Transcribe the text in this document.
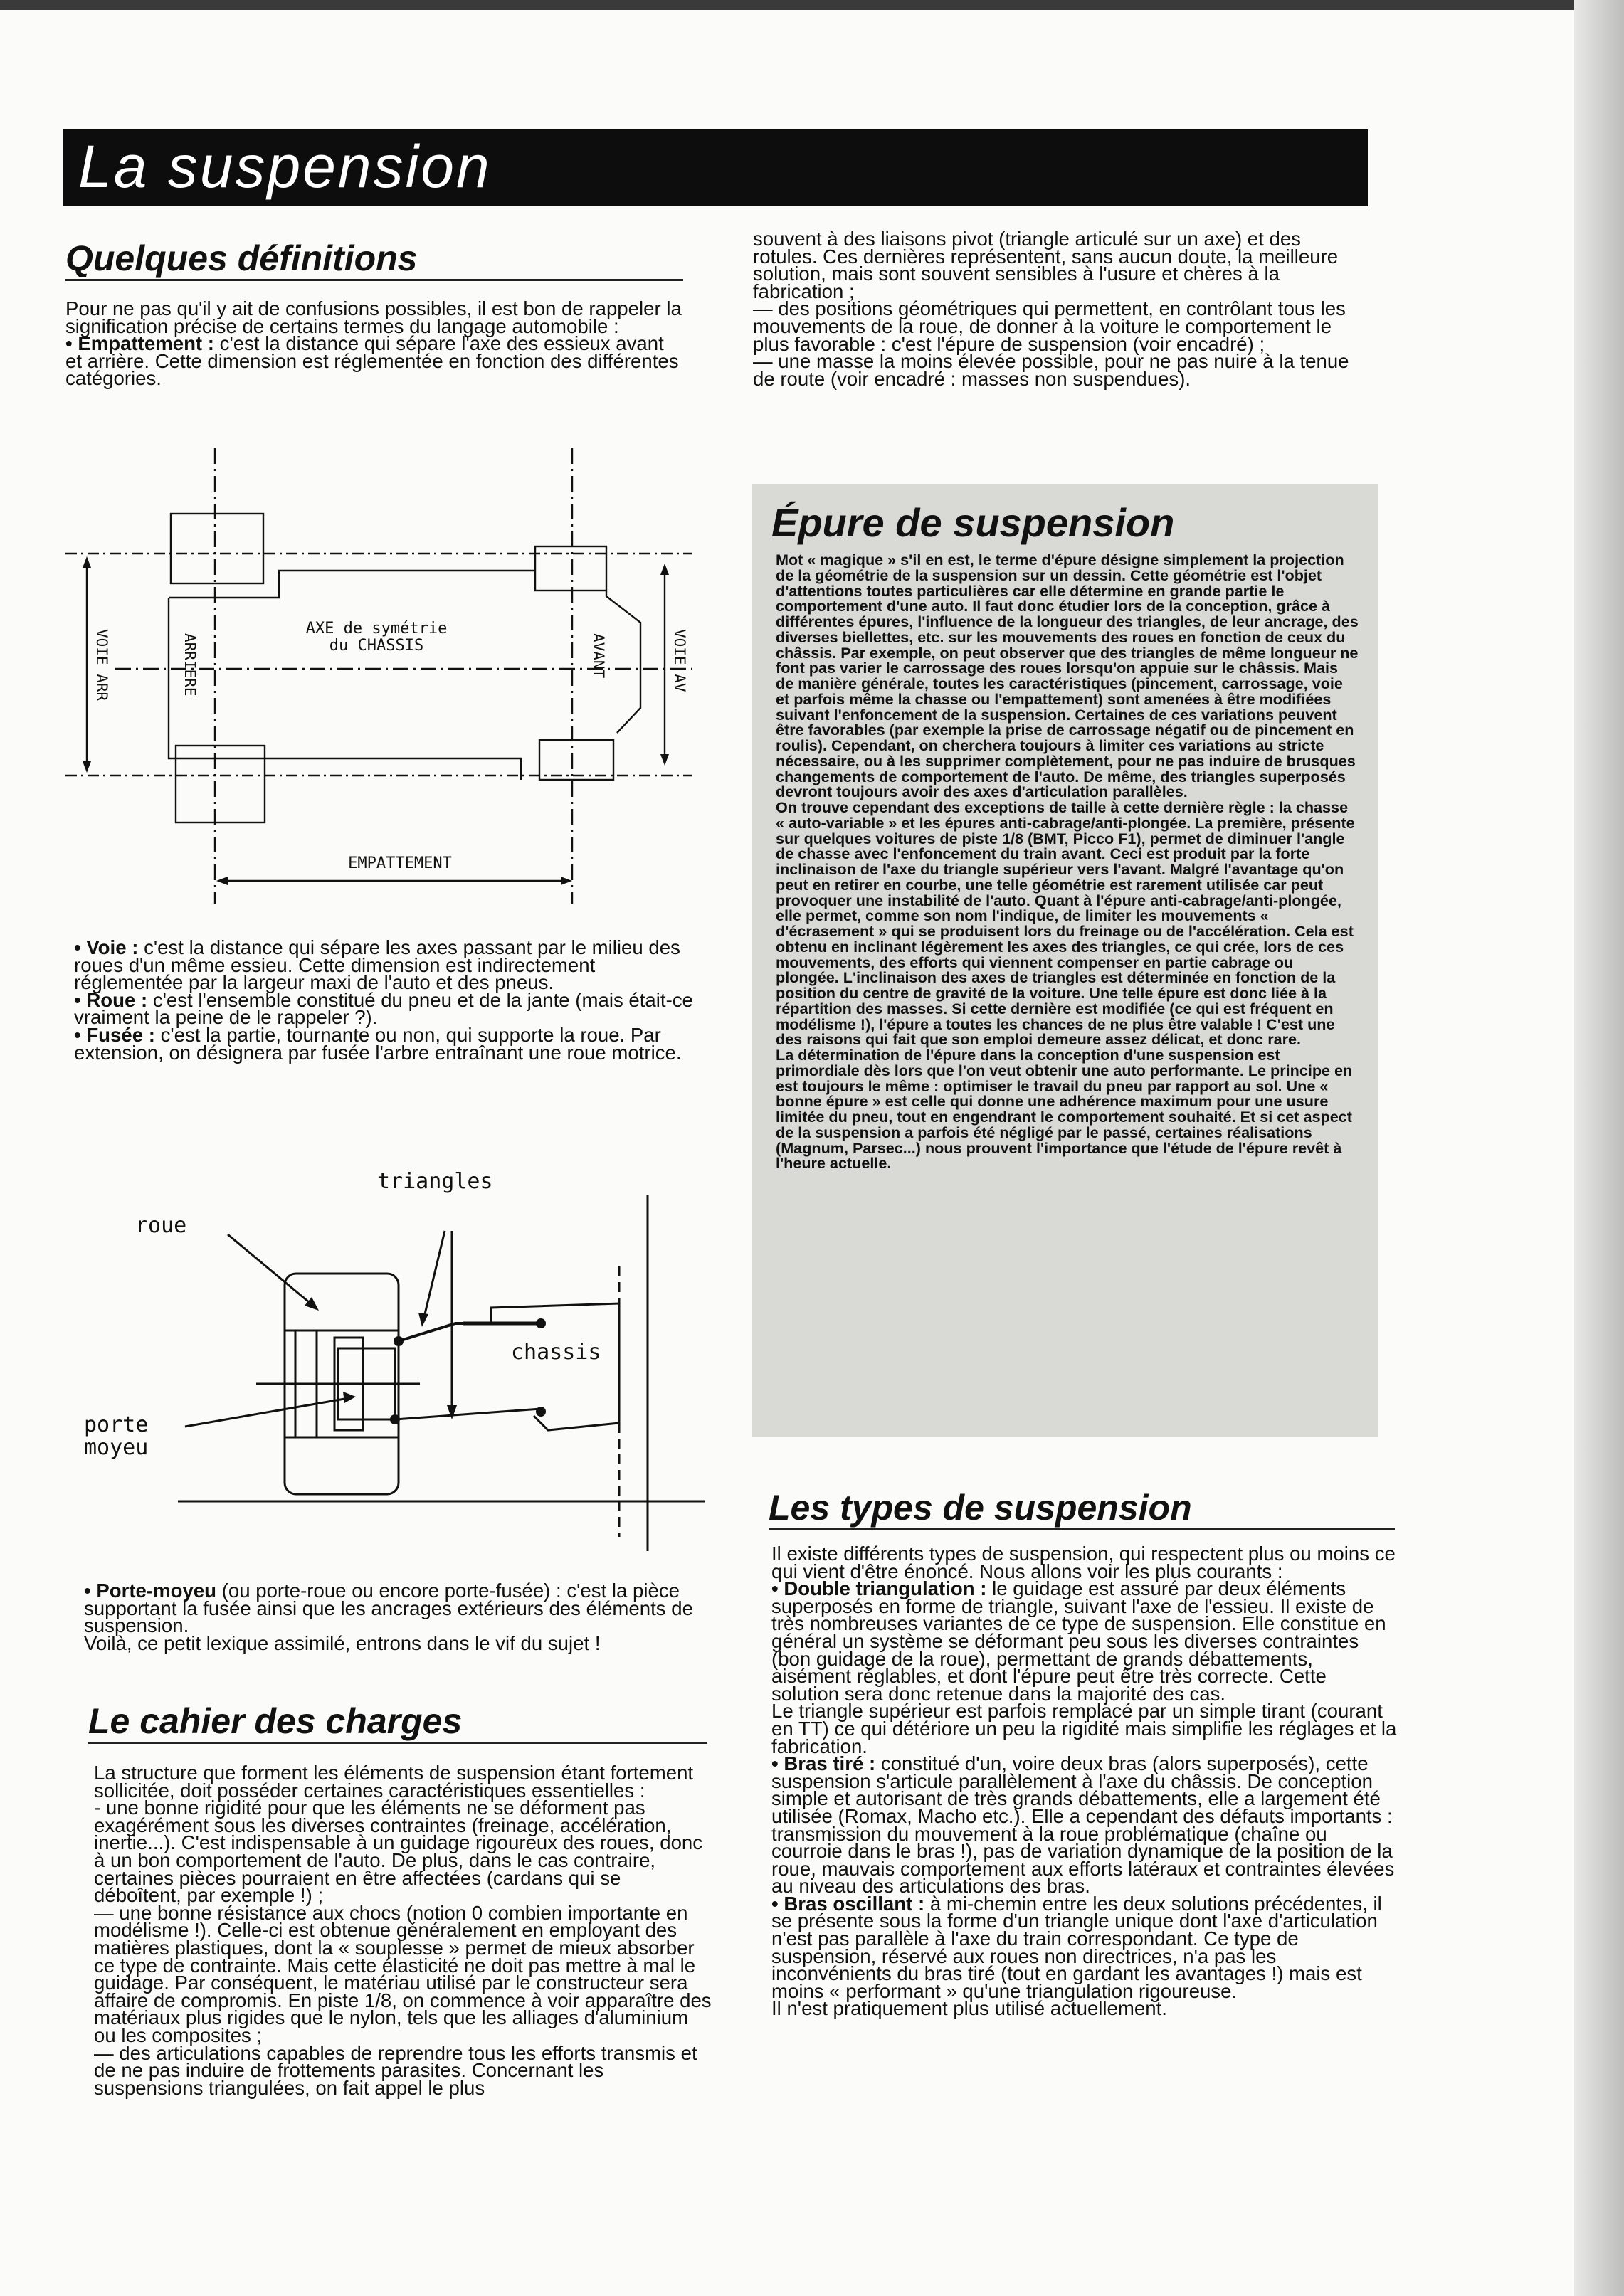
La suspension
Quelques définitions

Pour ne pas qu'il y ait de confusions possibles, il est bon de rappeler la signification précise de certains termes du langage automobile :

• Empattement : c'est la distance qui sépare l'axe des essieux avant et arrière. Cette dimension est réglementée en fonction des différentes catégories.

AXE de symétrie
du CHASSIS
ARRIERE	AVANT
VOIE ARR	VOIE AV
EMPATTEMENT

• Voie : c'est la distance qui sépare les axes passant par le milieu des roues d'un même essieu. Cette dimension est indirectement réglementée par la largeur maxi de l'auto et des pneus.

• Roue : c'est l'ensemble constitué du pneu et de la jante (mais était-ce vraiment la peine de le rappeler ?).

• Fusée : c'est la partie, tournante ou non, qui supporte la roue. Par extension, on désignera par fusée l'arbre entraînant une roue motrice.

triangles
roue
chassis
porte
moyeu

• Porte-moyeu (ou porte-roue ou encore porte-fusée) : c'est la pièce supportant la fusée ainsi que les ancrages extérieurs des éléments de suspension.

Voilà, ce petit lexique assimilé, entrons dans le vif du sujet !

Le cahier des charges

La structure que forment les éléments de suspension étant fortement sollicitée, doit posséder certaines caractéristiques essentielles :

- une bonne rigidité pour que les éléments ne se déforment pas exagérément sous les diverses contraintes (freinage, accélération, inertie...). C'est indispensable à un guidage rigoureux des roues, donc à un bon comportement de l'auto. De plus, dans le cas contraire, certaines pièces pourraient en être affectées (cardans qui se déboîtent, par exemple !) ;

— une bonne résistance aux chocs (notion 0 combien importante en modélisme !). Celle-ci est obtenue généralement en employant des matières plastiques, dont la « souplesse » permet de mieux absorber ce type de contrainte. Mais cette élasticité ne doit pas mettre à mal le guidage. Par conséquent, le matériau utilisé par le constructeur sera affaire de compromis. En piste 1/8, on commence à voir apparaître des matériaux plus rigides que le nylon, tels que les alliages d'aluminium ou les composites ;

— des articulations capables de reprendre tous les efforts transmis et de ne pas induire de frottements parasites. Concernant les suspensions triangulées, on fait appel le plus

souvent à des liaisons pivot (triangle articulé sur un axe) et des rotules. Ces dernières représentent, sans aucun doute, la meilleure solution, mais sont souvent sensibles à l'usure et chères à la fabrication ;

— des positions géométriques qui permettent, en contrôlant tous les mouvements de la roue, de donner à la voiture le comportement le plus favorable : c'est l'épure de suspension (voir encadré) ;

— une masse la moins élevée possible, pour ne pas nuire à la tenue de route (voir encadré : masses non suspendues).

Épure de suspension

Mot « magique » s'il en est, le terme d'épure désigne simplement la projection de la géométrie de la suspension sur un dessin. Cette géométrie est l'objet d'attentions toutes particulières car elle détermine en grande partie le comportement d'une auto. Il faut donc étudier lors de la conception, grâce à différentes épures, l'influence de la longueur des triangles, de leur ancrage, des diverses biellettes, etc. sur les mouvements des roues en fonction de ceux du châssis. Par exemple, on peut observer que des triangles de même longueur ne font pas varier le carrossage des roues lorsqu'on appuie sur le châssis. Mais de manière générale, toutes les caractéristiques (pincement, carrossage, voie et parfois même la chasse ou l'empattement) sont amenées à être modifiées suivant l'enfoncement de la suspension. Certaines de ces variations peuvent être favorables (par exemple la prise de carrossage négatif ou de pincement en roulis). Cependant, on cherchera toujours à limiter ces variations au stricte nécessaire, ou à les supprimer complètement, pour ne pas induire de brusques changements de comportement de l'auto. De même, des triangles superposés devront toujours avoir des axes d'articulation parallèles.

On trouve cependant des exceptions de taille à cette dernière règle : la chasse « auto-variable » et les épures anti-cabrage/anti-plongée. La première, présente sur quelques voitures de piste 1/8 (BMT, Picco F1), permet de diminuer l'angle de chasse avec l'enfoncement du train avant. Ceci est produit par la forte inclinaison de l'axe du triangle supérieur vers l'avant. Malgré l'avantage qu'on peut en retirer en courbe, une telle géométrie est rarement utilisée car peut provoquer une instabilité de l'auto. Quant à l'épure anti-cabrage/anti-plongée, elle permet, comme son nom l'indique, de limiter les mouvements « d'écrasement » qui se produisent lors du freinage ou de l'accélération. Cela est obtenu en inclinant légèrement les axes des triangles, ce qui crée, lors de ces mouvements, des efforts qui viennent compenser en partie cabrage ou plongée. L'inclinaison des axes de triangles est déterminée en fonction de la position du centre de gravité de la voiture. Une telle épure est donc liée à la répartition des masses. Si cette dernière est modifiée (ce qui est fréquent en modélisme !), l'épure a toutes les chances de ne plus être valable ! C'est une des raisons qui fait que son emploi demeure assez délicat, et donc rare.

La détermination de l'épure dans la conception d'une suspension est primordiale dès lors que l'on veut obtenir une auto performante. Le principe en est toujours le même : optimiser le travail du pneu par rapport au sol. Une « bonne épure » est celle qui donne une adhérence maximum pour une usure limitée du pneu, tout en engendrant le comportement souhaité. Et si cet aspect de la suspension a parfois été négligé par le passé, certaines réalisations (Magnum, Parsec...) nous prouvent l'importance que l'étude de l'épure revêt à l'heure actuelle.

Les types de suspension

Il existe différents types de suspension, qui respectent plus ou moins ce qui vient d'être énoncé. Nous allons voir les plus courants :

• Double triangulation : le guidage est assuré par deux éléments superposés en forme de triangle, suivant l'axe de l'essieu. Il existe de très nombreuses variantes de ce type de suspension. Elle constitue en général un système se déformant peu sous les diverses contraintes (bon guidage de la roue), permettant de grands débattements, aisément réglables, et dont l'épure peut être très correcte. Cette solution sera donc retenue dans la majorité des cas.

Le triangle supérieur est parfois remplacé par un simple tirant (courant en TT) ce qui détériore un peu la rigidité mais simplifie les réglages et la fabrication.

• Bras tiré : constitué d'un, voire deux bras (alors superposés), cette suspension s'articule parallèlement à l'axe du châssis. De conception simple et autorisant de très grands débattements, elle a largement été utilisée (Romax, Macho etc.). Elle a cependant des défauts importants : transmission du mouvement à la roue problématique (chaîne ou courroie dans le bras !), pas de variation dynamique de la position de la roue, mauvais comportement aux efforts latéraux et contraintes élevées au niveau des articulations des bras.

• Bras oscillant : à mi-chemin entre les deux solutions précédentes, il se présente sous la forme d'un triangle unique dont l'axe d'articulation n'est pas parallèle à l'axe du train correspondant. Ce type de suspension, réservé aux roues non directrices, n'a pas les inconvénients du bras tiré (tout en gardant les avantages !) mais est moins « performant » qu'une triangulation rigoureuse.

Il n'est pratiquement plus utilisé actuellement.
